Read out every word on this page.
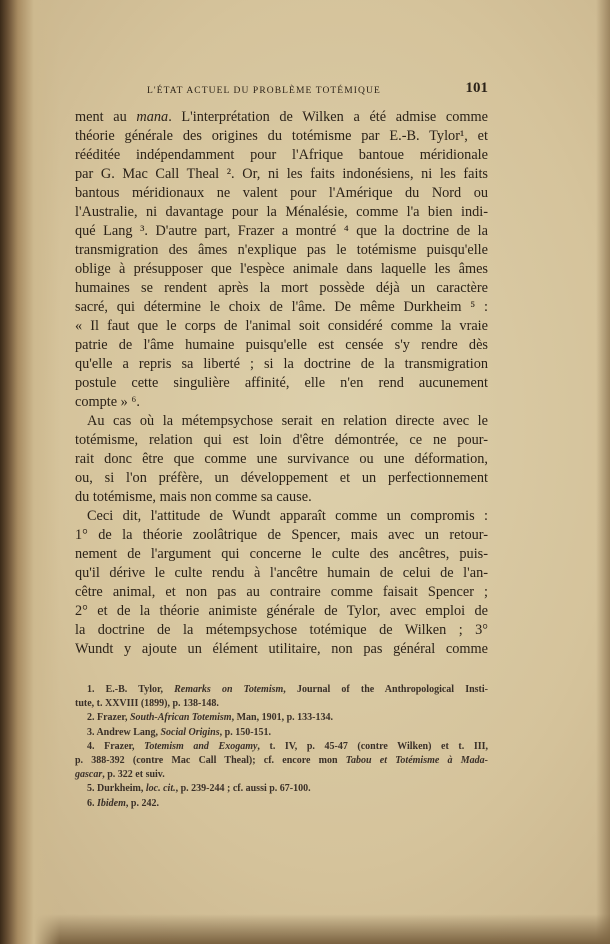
L'ÉTAT ACTUEL DU PROBLÈME TOTÉMIQUE	101
ment au mana. L'interprétation de Wilken a été admise comme
théorie générale des origines du totémisme par E.-B. Tylor¹, et
rééditée indépendamment pour l'Afrique bantoue méridionale
par G. Mac Call Theal ². Or, ni les faits indonésiens, ni les faits
bantous méridionaux ne valent pour l'Amérique du Nord ou
l'Australie, ni davantage pour la Ménalésie, comme l'a bien indi-
qué Lang ³. D'autre part, Frazer a montré ⁴ que la doctrine de la
transmigration des âmes n'explique pas le totémisme puisqu'elle
oblige à présupposer que l'espèce animale dans laquelle les âmes
humaines se rendent après la mort possède déjà un caractère
sacré, qui détermine le choix de l'âme. De même Durkheim ⁵ :
« Il faut que le corps de l'animal soit considéré comme la vraie
patrie de l'âme humaine puisqu'elle est censée s'y rendre dès
qu'elle a repris sa liberté ; si la doctrine de la transmigration
postule cette singulière affinité, elle n'en rend aucunement
compte » ⁶.
Au cas où la métempsychose serait en relation directe avec le
totémisme, relation qui est loin d'être démontrée, ce ne pour-
rait donc être que comme une survivance ou une déformation,
ou, si l'on préfère, un développement et un perfectionnement
du totémisme, mais non comme sa cause.
Ceci dit, l'attitude de Wundt apparaît comme un compromis :
1° de la théorie zoolâtrique de Spencer, mais avec un retour-
nement de l'argument qui concerne le culte des ancêtres, puis-
qu'il dérive le culte rendu à l'ancêtre humain de celui de l'an-
cêtre animal, et non pas au contraire comme faisait Spencer ;
2° et de la théorie animiste générale de Tylor, avec emploi de
la doctrine de la métempsychose totémique de Wilken ; 3°
Wundt y ajoute un élément utilitaire, non pas général comme
1. E.-B. Tylor, Remarks on Totemism, Journal of the Anthropological Insti-
tute, t. XXVIII (1899), p. 138-148.
2. Frazer, South-African Totemism, Man, 1901, p. 133-134.
3. Andrew Lang, Social Origins, p. 150-151.
4. Frazer, Totemism and Exogamy, t. IV, p. 45-47 (contre Wilken) et t. III,
p. 388-392 (contre Mac Call Theal); cf. encore mon Tabou et Totémisme à Mada-
gascar, p. 322 et suiv.
5. Durkheim, loc. cit., p. 239-244 ; cf. aussi p. 67-100.
6. Ibidem, p. 242.
